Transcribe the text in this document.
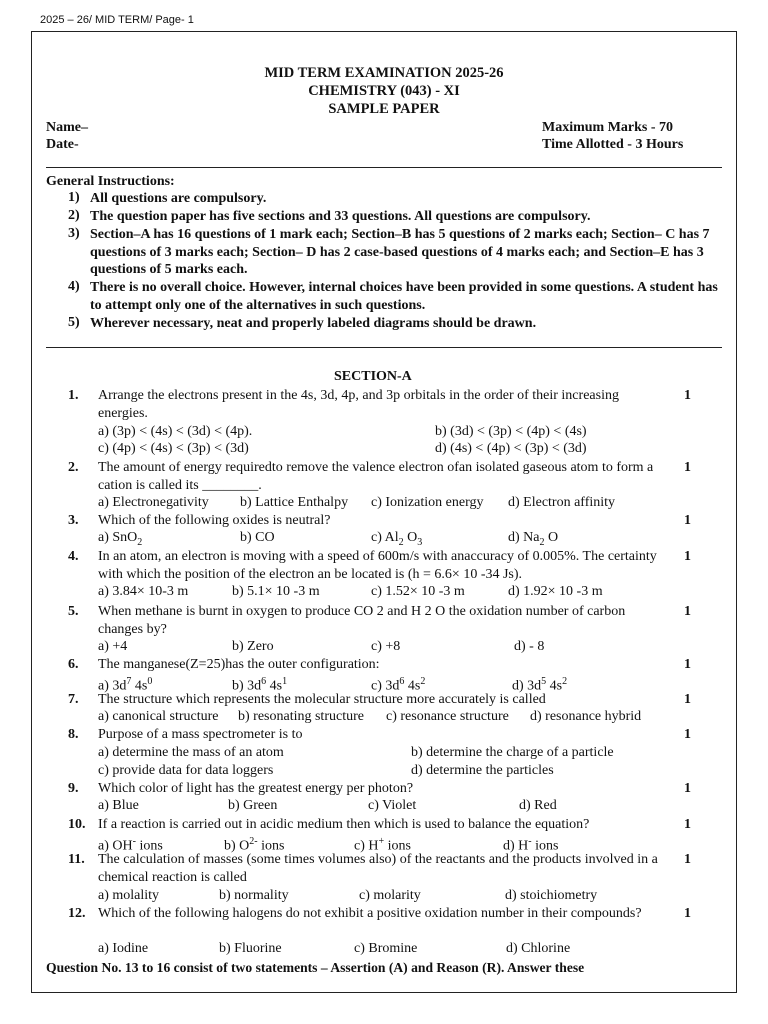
2025 – 26/ MID TERM/ Page- 1
MID TERM EXAMINATION 2025-26
CHEMISTRY (043) - XI
SAMPLE PAPER
Name–
Date-
Maximum Marks - 70
Time Allotted - 3 Hours
General Instructions:
1) All questions are compulsory.
2) The question paper has five sections and 33 questions. All questions are compulsory.
3) Section–A has 16 questions of 1 mark each; Section–B has 5 questions of 2 marks each; Section– C has 7 questions of 3 marks each; Section– D has 2 case-based questions of 4 marks each; and Section–E has 3 questions of 5 marks each.
4) There is no overall choice. However, internal choices have been provided in some questions. A student has to attempt only one of the alternatives in such questions.
5) Wherever necessary, neat and properly labeled diagrams should be drawn.
SECTION-A
1. Arrange the electrons present in the 4s, 3d, 4p, and 3p orbitals in the order of their increasing energies.
1
a) (3p) < (4s) < (3d) < (4p).	b) (3d) < (3p) < (4p) < (4s)
c) (4p) < (4s) < (3p) < (3d)	d) (4s) < (4p) < (3p) < (3d)
2. The amount of energy requiredto remove the valence electron ofan isolated gaseous atom to form a cation is called its ________.
1
a) Electronegativity b) Lattice Enthalpy c) Ionization energy d) Electron affinity
3. Which of the following oxides is neutral?	1
a) SnO$_2$	b) CO	c) $Al_2$ $O_3$	d) $Na_2$ O
4. In an atom, an electron is moving with a speed of 600m/s with anaccuracy of 0.005%. The certainty with which the position of the electron an be located is (h = 6.6× 10 -34 Js).
1
a) 3.84× 10-3 m	b) 5.1× 10 -3 m	c) 1.52× 10 -3 m	d) 1.92× 10 -3 m
5. When methane is burnt in oxygen to produce CO 2 and H 2 O the oxidation number of carbon changes by?
1
a) +4	b) Zero	c) +8	d) - 8
6. The manganese(Z=25)has the outer configuration:	1
a) $3d^7$ $4s^0$	b) $3d^6$ $4s^1$	c) $3d^6$ $4s^2$	d) $3d^5$ $4s^2$
7. The structure which represents the molecular structure more accurately is called	1
a) canonical structure b) resonating structure c) resonance structure d) resonance hybrid
8. Purpose of a mass spectrometer is to	1
a) determine the mass of an atom	b) determine the charge of a particle
c) provide data for data loggers	d) determine the particles
9. Which color of light has the greatest energy per photon?	1
a) Blue	b) Green	c) Violet	d) Red
10. If a reaction is carried out in acidic medium then which is used to balance the equation?	1
a) OH- ions	b) $O^{2-}$ ions	c) H+ ions	d) H- ions
11. The calculation of masses (some times volumes also) of the reactants and the products involved in a chemical reaction is called
1
a) molality	b) normality	c) molarity	d) stoichiometry
12. Which of the following halogens do not exhibit a positive oxidation number in their compounds?	1
a) Iodine	b) Fluorine	c) Bromine	d) Chlorine
Question No. 13 to 16 consist of two statements – Assertion (A) and Reason (R). Answer these
